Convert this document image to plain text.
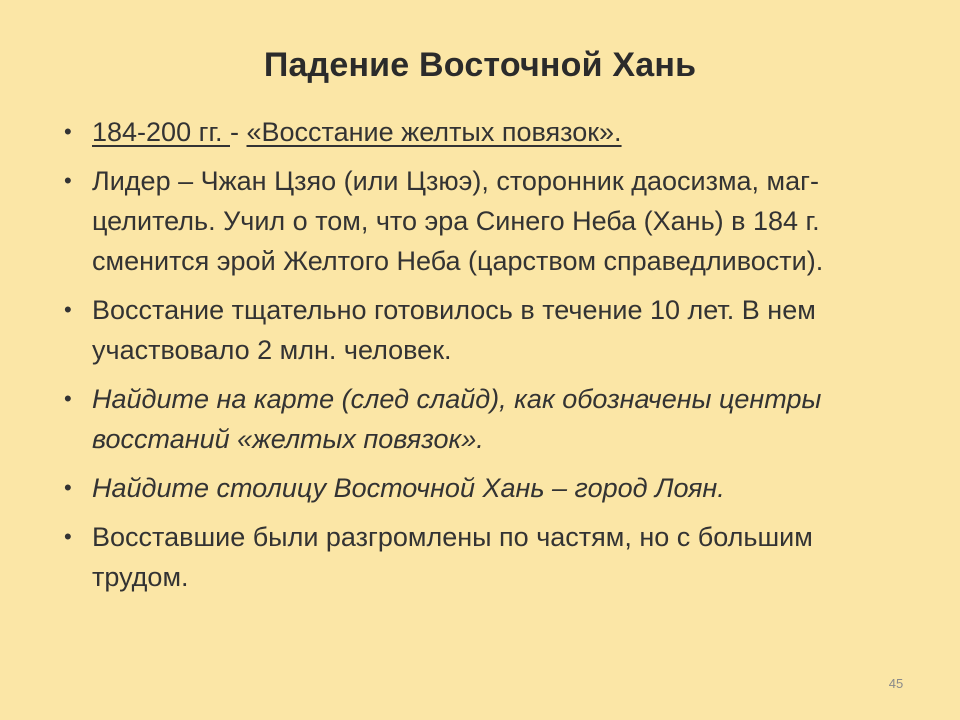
Падение Восточной Хань
• 184-200 гг. - «Восстание желтых повязок».
• Лидер – Чжан Цзяо (или Цзюэ), сторонник даосизма, маг-целитель. Учил о том, что эра Синего Неба (Хань) в 184 г. сменится эрой Желтого Неба (царством справедливости).
• Восстание тщательно готовилось в течение 10 лет. В нем участвовало 2 млн. человек.
• Найдите на карте (след слайд), как обозначены центры восстаний «желтых повязок».
• Найдите столицу Восточной Хань – город Лоян.
• Восставшие были разгромлены по частям, но с большим трудом.
45
